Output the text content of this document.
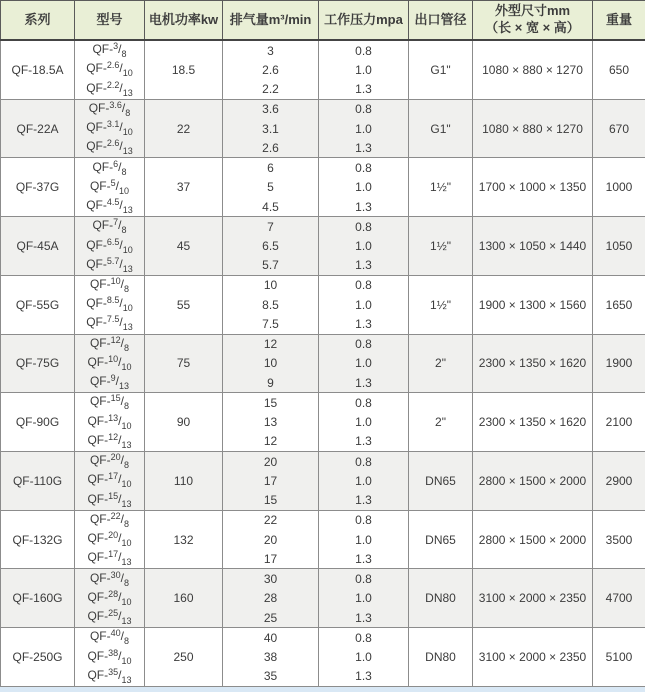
系列	型号	电机功率kw	排气量m³/min	工作压力mpa	出口管径	外型尺寸mm
（长 × 宽 × 高）	重量
QF-18.5A	$QF-^3/_8$	18.5	3	0.8	G1"	1080 × 880 × 1270	650
	$QF-^{2.6}/_{10}$		2.6	1.0			
	$QF-^{2.2}/_{13}$		2.2	1.3			
QF-22A	$QF-^{3.6}/_8$	22	3.6	0.8	G1"	1080 × 880 × 1270	670
	$QF-^{3.1}/_{10}$		3.1	1.0			
	$QF-^{2.6}/_{13}$		2.6	1.3			
QF-37G	$QF-^6/_8$	37	6	0.8	1½"	1700 × 1000 × 1350	1000
	$QF-^5/_{10}$		5	1.0			
	$QF-^{4.5}/_{13}$		4.5	1.3			
QF-45A	$QF-^7/_8$	45	7	0.8	1½"	1300 × 1050 × 1440	1050
	$QF-^{6.5}/_{10}$		6.5	1.0			
	$QF-^{5.7}/_{13}$		5.7	1.3			
QF-55G	$QF-^{10}/_8$	55	10	0.8	1½"	1900 × 1300 × 1560	1650
	$QF-^{8.5}/_{10}$		8.5	1.0			
	$QF-^{7.5}/_{13}$		7.5	1.3			
QF-75G	$QF-^{12}/_8$	75	12	0.8	2"	2300 × 1350 × 1620	1900
	$QF-^{10}/_{10}$		10	1.0			
	$QF-^9/_{13}$		9	1.3			
QF-90G	$QF-^{15}/_8$	90	15	0.8	2"	2300 × 1350 × 1620	2100
	$QF-^{13}/_{10}$		13	1.0			
	$QF-^{12}/_{13}$		12	1.3			
QF-110G	$QF-^{20}/_8$	110	20	0.8	DN65	2800 × 1500 × 2000	2900
	$QF-^{17}/_{10}$		17	1.0			
	$QF-^{15}/_{13}$		15	1.3			
QF-132G	$QF-^{22}/_8$	132	22	0.8	DN65	2800 × 1500 × 2000	3500
	$QF-^{20}/_{10}$		20	1.0			
	$QF-^{17}/_{13}$		17	1.3			
QF-160G	$QF-^{30}/_8$	160	30	0.8	DN80	3100 × 2000 × 2350	4700
	$QF-^{28}/_{10}$		28	1.0			
	$QF-^{25}/_{13}$		25	1.3			
QF-250G	$QF-^{40}/_8$	250	40	0.8	DN80	3100 × 2000 × 2350	5100
	$QF-^{38}/_{10}$		38	1.0			
	$QF-^{35}/_{13}$		35	1.3			
